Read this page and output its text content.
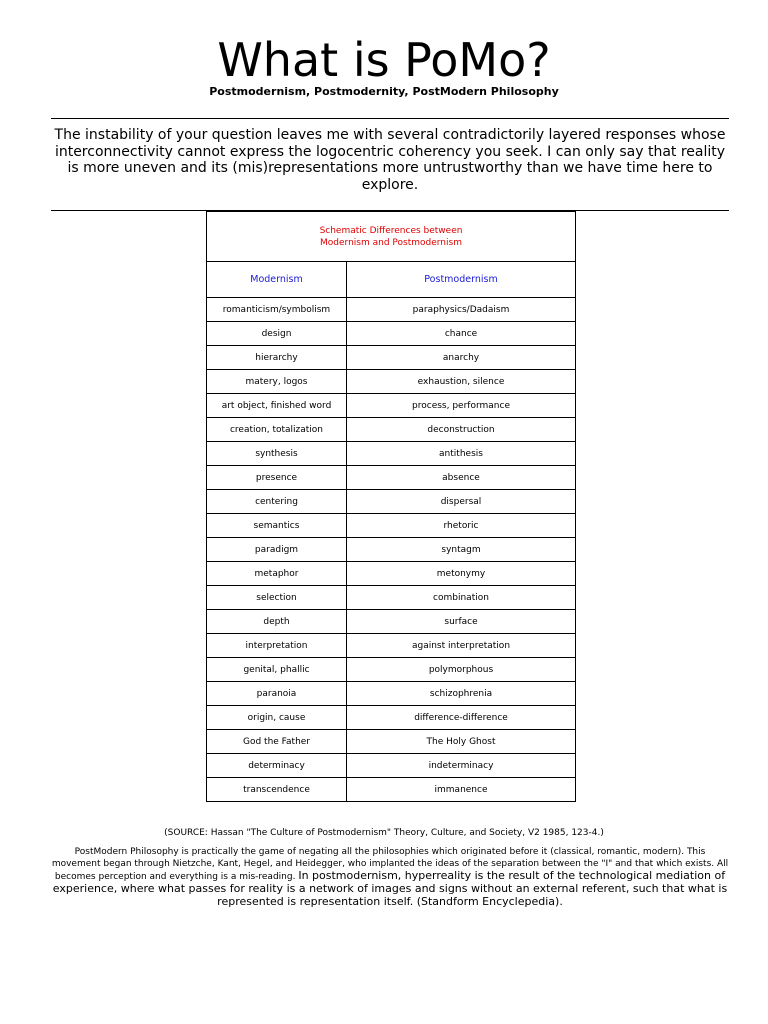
What is PoMo?
Postmodernism, Postmodernity, PostModern Philosophy
The instability of your question leaves me with several contradictorily layered responses whose interconnectivity cannot express the logocentric coherency you seek. I can only say that reality is more uneven and its (mis)representations more untrustworthy than we have time here to explore.
Schematic Differences between
Modernism and Postmodernism	
Modernism	Postmodernism
romanticism/symbolism	paraphysics/Dadaism
design	chance
hierarchy	anarchy
matery, logos	exhaustion, silence
art object, finished word	process, performance
creation, totalization	deconstruction
synthesis	antithesis
presence	absence
centering	dispersal
semantics	rhetoric
paradigm	syntagm
metaphor	metonymy
selection	combination
depth	surface
interpretation	against interpretation
genital, phallic	polymorphous
paranoia	schizophrenia
origin, cause	difference-difference
God the Father	The Holy Ghost
determinacy	indeterminacy
transcendence	immanence
(SOURCE: Hassan "The Culture of Postmodernism" Theory, Culture, and Society, V2 1985, 123-4.)
PostModern Philosophy is practically the game of negating all the philosophies which originated before it (classical, romantic, modern). This movement began through Nietzche, Kant, Hegel, and Heidegger, who implanted the ideas of the separation between the "I" and that which exists. All becomes perception and everything is a mis-reading. In postmodernism, hyperreality is the result of the technological mediation of experience, where what passes for reality is a network of images and signs without an external referent, such that what is represented is representation itself. (Standform Encyclepedia).
